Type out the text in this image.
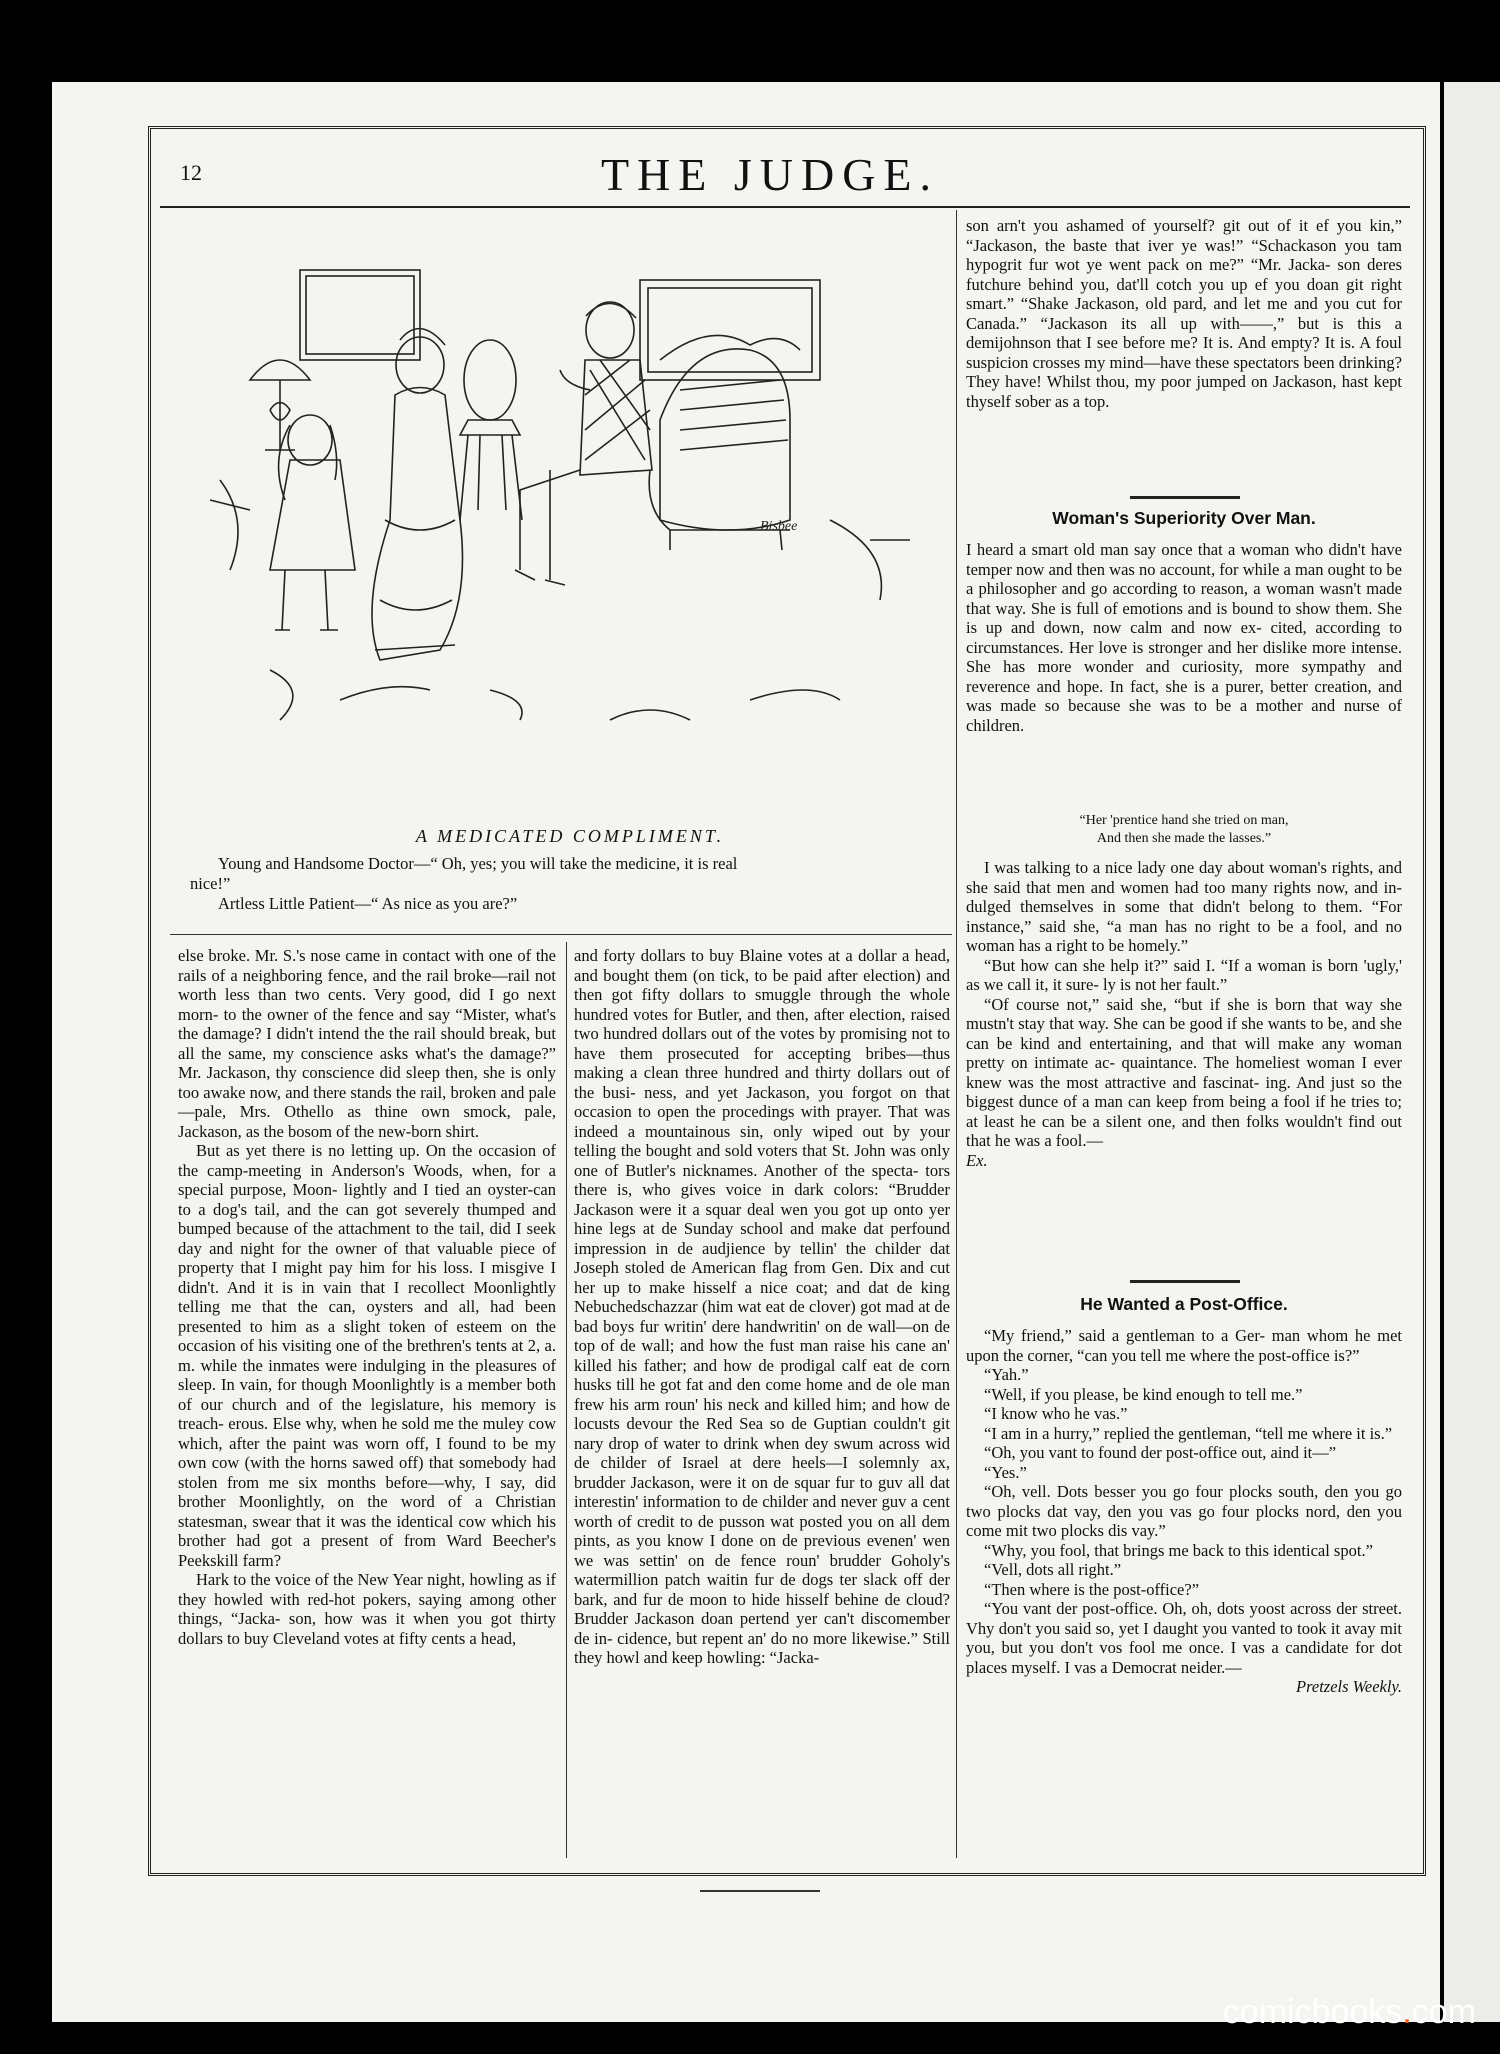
12	THE JUDGE.
Bisbee
A MEDICATED COMPLIMENT.
Young and Handsome Doctor—“ Oh, yes; you will take the medicine, it is real
nice!”
Artless Little Patient—“ As nice as you are?”

else broke. Mr. S.'s nose came in contact with one of the rails of a neighboring fence, and the rail broke—rail not worth less than two cents. Very good, did I go next morn- to the owner of the fence and say “Mister, what's the damage? I didn't intend the the rail should break, but all the same, my conscience asks what's the damage?” Mr. Jackason, thy conscience did sleep then, she is only too awake now, and there stands the rail, broken and pale—pale, Mrs. Othello as thine own smock, pale, Jackason, as the bosom of the new-born shirt.

But as yet there is no letting up. On the occasion of the camp-meeting in Anderson's Woods, when, for a special purpose, Moon- lightly and I tied an oyster-can to a dog's tail, and the can got severely thumped and bumped because of the attachment to the tail, did I seek day and night for the owner of that valuable piece of property that I might pay him for his loss. I misgive I didn't. And it is in vain that I recollect Moonlightly telling me that the can, oysters and all, had been presented to him as a slight token of esteem on the occasion of his visiting one of the brethren's tents at 2, a. m. while the inmates were indulging in the pleasures of sleep. In vain, for though Moonlightly is a member both of our church and of the legislature, his memory is treach- erous. Else why, when he sold me the muley cow which, after the paint was worn off, I found to be my own cow (with the horns sawed off) that somebody had stolen from me six months before—why, I say, did brother Moonlightly, on the word of a Christian statesman, swear that it was the identical cow which his brother had got a present of from Ward Beecher's Peekskill farm?

Hark to the voice of the New Year night, howling as if they howled with red-hot pokers, saying among other things, “Jacka- son, how was it when you got thirty dollars to buy Cleveland votes at fifty cents a head,

and forty dollars to buy Blaine votes at a dollar a head, and bought them (on tick, to be paid after election) and then got fifty dollars to smuggle through the whole hundred votes for Butler, and then, after election, raised two hundred dollars out of the votes by promising not to have them prosecuted for accepting bribes—thus making a clean three hundred and thirty dollars out of the busi- ness, and yet Jackason, you forgot on that occasion to open the procedings with prayer. That was indeed a mountainous sin, only wiped out by your telling the bought and sold voters that St. John was only one of Butler's nicknames. Another of the specta- tors there is, who gives voice in dark colors: “Brudder Jackason were it a squar deal wen you got up onto yer hine legs at de Sunday school and make dat perfound impression in de audjience by tellin' the childer dat Joseph stoled de American flag from Gen. Dix and cut her up to make hisself a nice coat; and dat de king Nebuchedschazzar (him wat eat de clover) got mad at de bad boys fur writin' dere handwritin' on de wall—on de top of de wall; and how the fust man raise his cane an' killed his father; and how de prodigal calf eat de corn husks till he got fat and den come home and de ole man frew his arm roun' his neck and killed him; and how de locusts devour the Red Sea so de Guptian couldn't git nary drop of water to drink when dey swum across wid de childer of Israel at dere heels—I solemnly ax, brudder Jackason, were it on de squar fur to guv all dat interestin' information to de childer and never guv a cent worth of credit to de pusson wat posted you on all dem pints, as you know I done on de previous evenen' wen we was settin' on de fence roun' brudder Goholy's watermillion patch waitin fur de dogs ter slack off der bark, and fur de moon to hide hisself behine de cloud? Brudder Jackason doan pertend yer can't discomember de in- cidence, but repent an' do no more likewise.” Still they howl and keep howling: “Jacka-

son arn't you ashamed of yourself? git out of it ef you kin,” “Jackason, the baste that iver ye was!” “Schackason you tam hypogrit fur wot ye went pack on me?” “Mr. Jacka- son deres futchure behind you, dat'll cotch you up ef you doan git right smart.” “Shake Jackason, old pard, and let me and you cut for Canada.” “Jackason its all up with——,” but is this a demijohnson that I see before me? It is. And empty? It is. A foul suspicion crosses my mind—have these spectators been drinking? They have! Whilst thou, my poor jumped on Jackason, hast kept thyself sober as a top.

Woman's Superiority Over Man.

I heard a smart old man say once that a woman who didn't have temper now and then was no account, for while a man ought to be a philosopher and go according to reason, a woman wasn't made that way. She is full of emotions and is bound to show them. She is up and down, now calm and now ex- cited, according to circumstances. Her love is stronger and her dislike more intense. She has more wonder and curiosity, more sympathy and reverence and hope. In fact, she is a purer, better creation, and was made so because she was to be a mother and nurse of children.

“Her 'prentice hand she tried on man,
And then she made the lasses.”

I was talking to a nice lady one day about woman's rights, and she said that men and women had too many rights now, and in- dulged themselves in some that didn't belong to them. “For instance,” said she, “a man has no right to be a fool, and no woman has a right to be homely.”

“But how can she help it?” said I. “If a woman is born 'ugly,' as we call it, it sure- ly is not her fault.”

“Of course not,” said she, “but if she is born that way she mustn't stay that way. She can be good if she wants to be, and she can be kind and entertaining, and that will make any woman pretty on intimate ac- quaintance. The homeliest woman I ever knew was the most attractive and fascinat- ing. And just so the biggest dunce of a man can keep from being a fool if he tries to; at least he can be a silent one, and then folks wouldn't find out that he was a fool.—

Ex.

He Wanted a Post-Office.

“My friend,” said a gentleman to a Ger- man whom he met upon the corner, “can you tell me where the post-office is?”

“Yah.”

“Well, if you please, be kind enough to tell me.”

“I know who he vas.”

“I am in a hurry,” replied the gentleman, “tell me where it is.”

“Oh, you vant to found der post-office out, aind it—”

“Yes.”

“Oh, vell. Dots besser you go four plocks south, den you go two plocks dat vay, den you vas go four plocks nord, den you come mit two plocks dis vay.”

“Why, you fool, that brings me back to this identical spot.”

“Vell, dots all right.”

“Then where is the post-office?”

“You vant der post-office. Oh, oh, dots yoost across der street. Vhy don't you said so, yet I daught you vanted to took it avay mit you, but you don't vos fool me once. I vas a candidate for dot places myself. I vas a Democrat neider.—

Pretzels Weekly.

comicbooks.com
